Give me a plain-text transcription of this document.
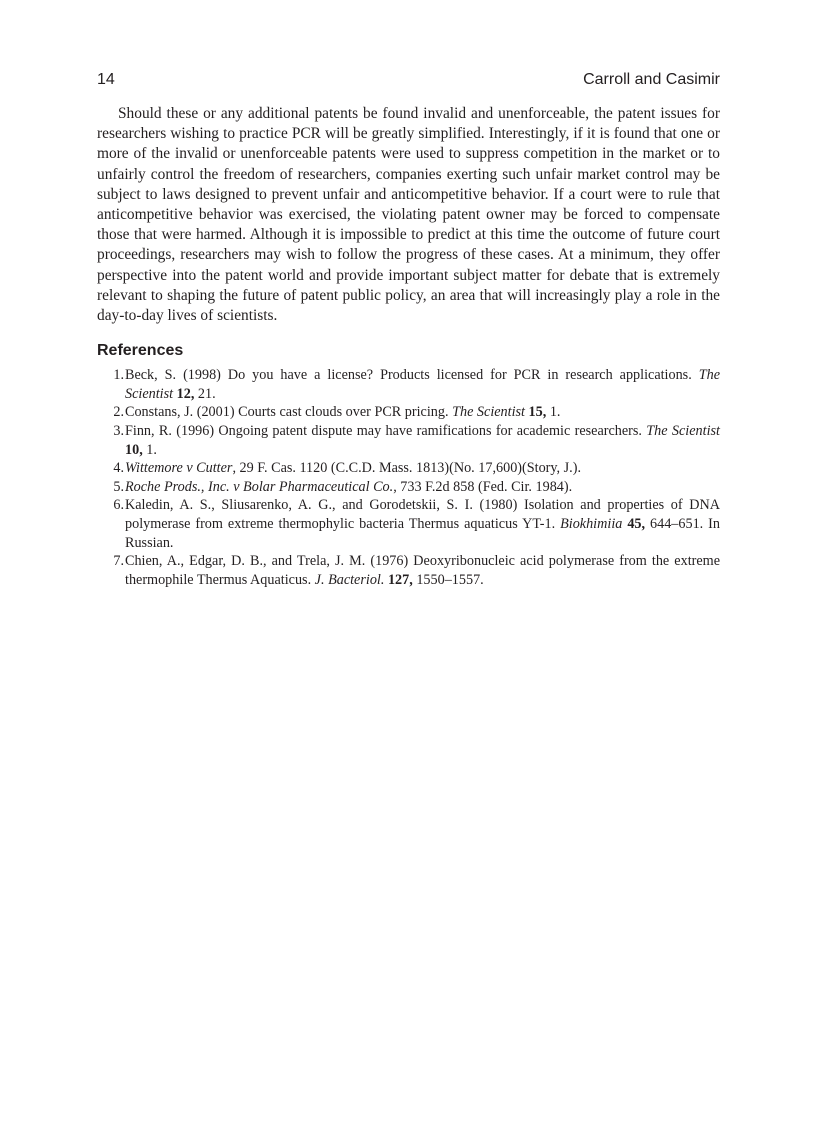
14	Carroll and Casimir

Should these or any additional patents be found invalid and unenforceable, the patent issues for researchers wishing to practice PCR will be greatly simplified. Interestingly, if it is found that one or more of the invalid or unenforceable patents were used to suppress competition in the market or to unfairly control the freedom of researchers, companies exerting such unfair market control may be subject to laws designed to prevent unfair and anticompetitive behavior. If a court were to rule that anticompetitive behavior was exercised, the violating patent owner may be forced to compensate those that were harmed. Although it is impossible to predict at this time the outcome of future court proceedings, researchers may wish to follow the progress of these cases. At a minimum, they offer perspective into the patent world and provide important subject matter for debate that is extremely relevant to shaping the future of patent public policy, an area that will increasingly play a role in the day-to-day lives of scientists.

References
1. Beck, S. (1998) Do you have a license? Products licensed for PCR in research applications. The Scientist 12, 21.
2. Constans, J. (2001) Courts cast clouds over PCR pricing. The Scientist 15, 1.
3. Finn, R. (1996) Ongoing patent dispute may have ramifications for academic researchers. The Scientist 10, 1.
4. Wittemore v Cutter, 29 F. Cas. 1120 (C.C.D. Mass. 1813)(No. 17,600)(Story, J.).
5. Roche Prods., Inc. v Bolar Pharmaceutical Co., 733 F.2d 858 (Fed. Cir. 1984).
6. Kaledin, A. S., Sliusarenko, A. G., and Gorodetskii, S. I. (1980) Isolation and properties of DNA polymerase from extreme thermophylic bacteria Thermus aquaticus YT-1. Biokhimiia 45, 644–651. In Russian.
7. Chien, A., Edgar, D. B., and Trela, J. M. (1976) Deoxyribonucleic acid polymerase from the extreme thermophile Thermus Aquaticus. J. Bacteriol. 127, 1550–1557.
